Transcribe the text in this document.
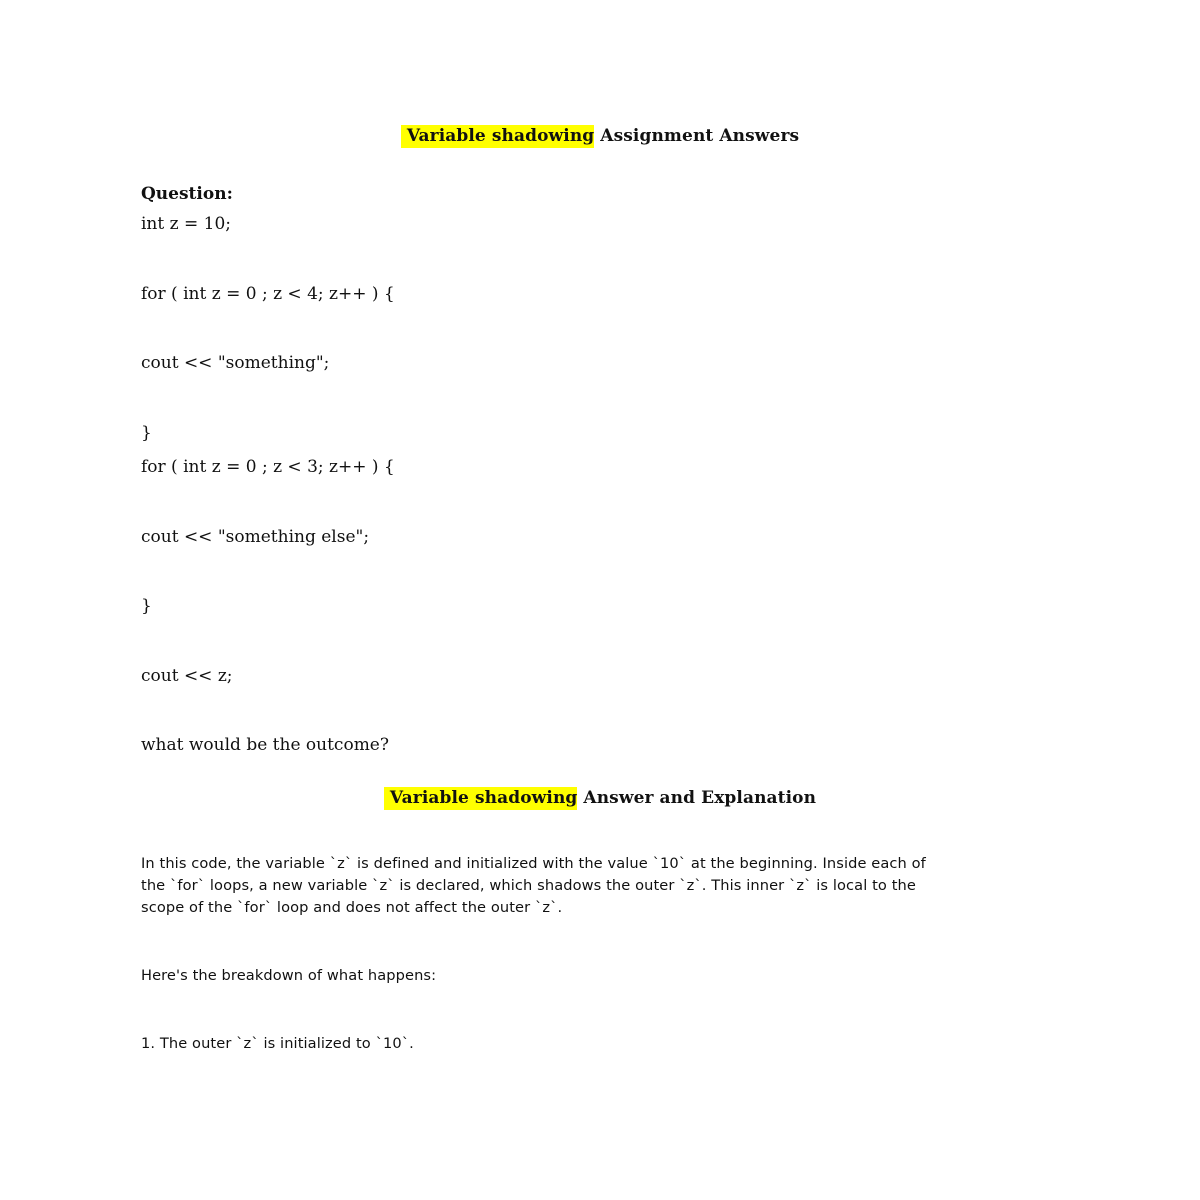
Variable shadowing Assignment Answers
Question:
int z = 10;
for ( int z = 0 ; z < 4; z++ ) {
cout << "something";
}
for ( int z = 0 ; z < 3; z++ ) {
cout << "something else";
}
cout << z;
what would be the outcome?
Variable shadowing Answer and Explanation
In this code, the variable `z` is defined and initialized with the value `10` at the beginning. Inside each of
the `for` loops, a new variable `z` is declared, which shadows the outer `z`. This inner `z` is local to the
scope of the `for` loop and does not affect the outer `z`.
Here's the breakdown of what happens:
1. The outer `z` is initialized to `10`.
